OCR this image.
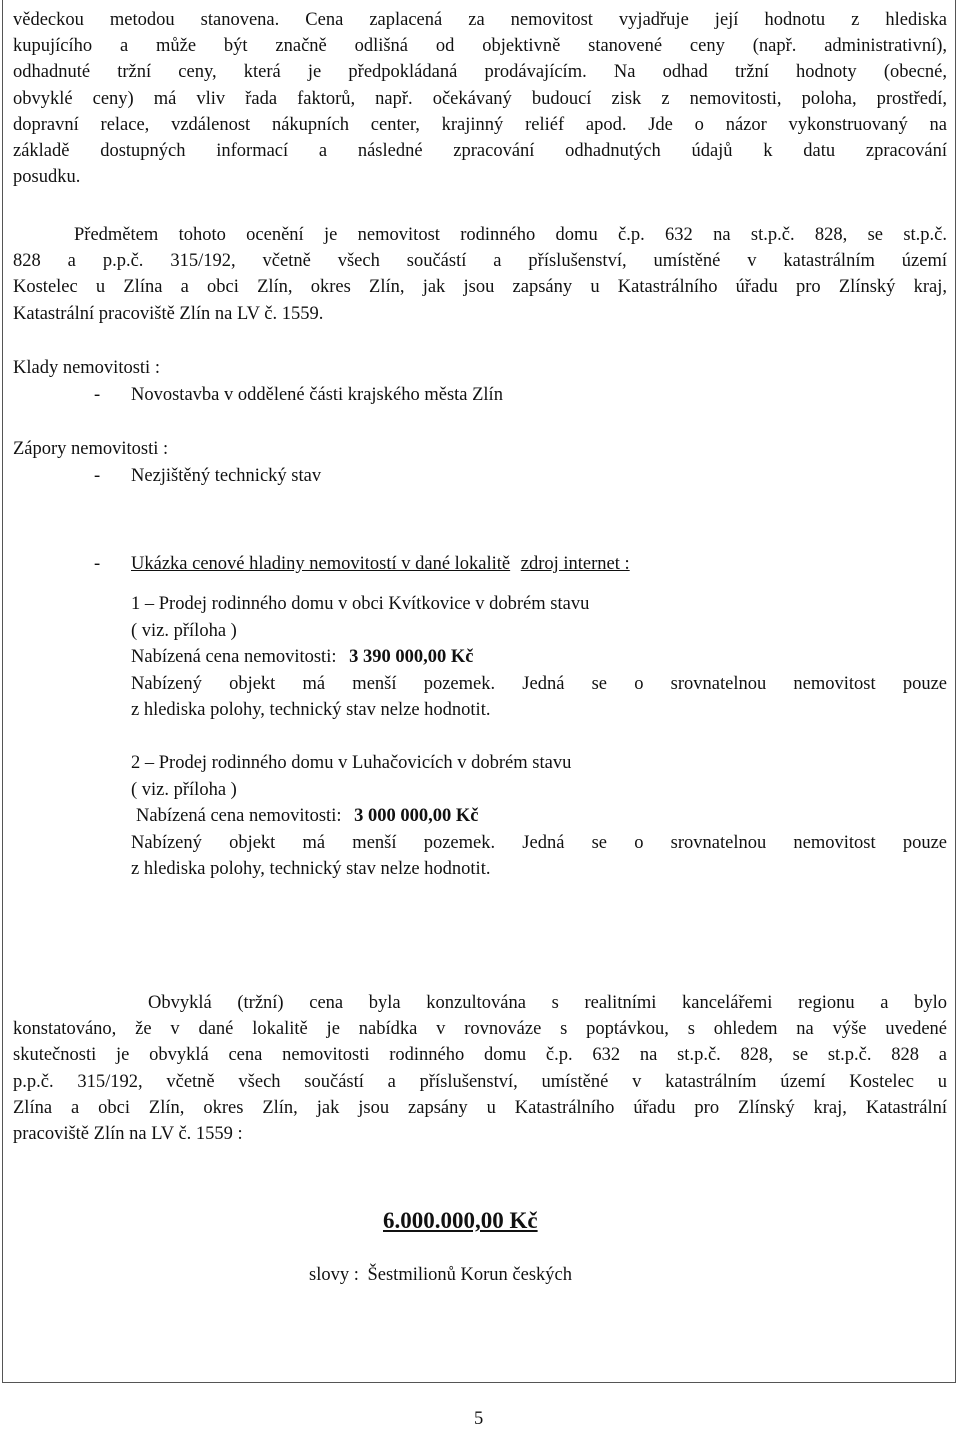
vědeckou metodou stanovena. Cena zaplacená za nemovitost vyjadřuje její hodnotu z hlediska

kupujícího a může být značně odlišná od objektivně stanovené ceny (např. administrativní),

odhadnuté tržní ceny, která je předpokládaná prodávajícím. Na odhad tržní hodnoty (obecné,

obvyklé ceny) má vliv řada faktorů, např. očekávaný budoucí zisk z nemovitosti, poloha, prostředí,

dopravní relace, vzdálenost nákupních center, krajinný reliéf apod. Jde o názor vykonstruovaný na

základě dostupných informací a následné zpracování odhadnutých údajů k datu zpracování

posudku.

Předmětem tohoto ocenění je nemovitost rodinného domu č.p. 632 na st.p.č. 828, se st.p.č.

828 a p.p.č. 315/192, včetně všech součástí a příslušenství, umístěné v katastrálním území

Kostelec u Zlína a obci Zlín, okres Zlín, jak jsou zapsány u Katastrálního úřadu pro Zlínský kraj,

Katastrální pracoviště Zlín na LV č. 1559.

Klady nemovitosti :
- Novostavba v oddělené části krajského města Zlín
Zápory nemovitosti :
- Nezjištěný technický stav
- Ukázka cenové hladiny nemovitostí v dané lokalitě zdroj internet :

1 – Prodej rodinného domu v obci Kvítkovice v dobrém stavu

( viz. příloha )

Nabízená cena nemovitosti: 3 390 000,00 Kč

Nabízený objekt má menší pozemek. Jedná se o srovnatelnou nemovitost pouze

z hlediska polohy, technický stav nelze hodnotit.

2 – Prodej rodinného domu v Luhačovicích v dobrém stavu

( viz. příloha )

Nabízená cena nemovitosti: 3 000 000,00 Kč

Nabízený objekt má menší pozemek. Jedná se o srovnatelnou nemovitost pouze

z hlediska polohy, technický stav nelze hodnotit.

Obvyklá (tržní) cena byla konzultována s realitními kancelářemi regionu a bylo

konstatováno, že v dané lokalitě je nabídka v rovnováze s poptávkou, s ohledem na výše uvedené

skutečnosti je obvyklá cena nemovitosti rodinného domu č.p. 632 na st.p.č. 828, se st.p.č. 828 a

p.p.č. 315/192, včetně všech součástí a příslušenství, umístěné v katastrálním území Kostelec u

Zlína a obci Zlín, okres Zlín, jak jsou zapsány u Katastrálního úřadu pro Zlínský kraj, Katastrální

pracoviště Zlín na LV č. 1559 :

6.000.000,00 Kč
slovy : Šestmilionů Korun českých
5
